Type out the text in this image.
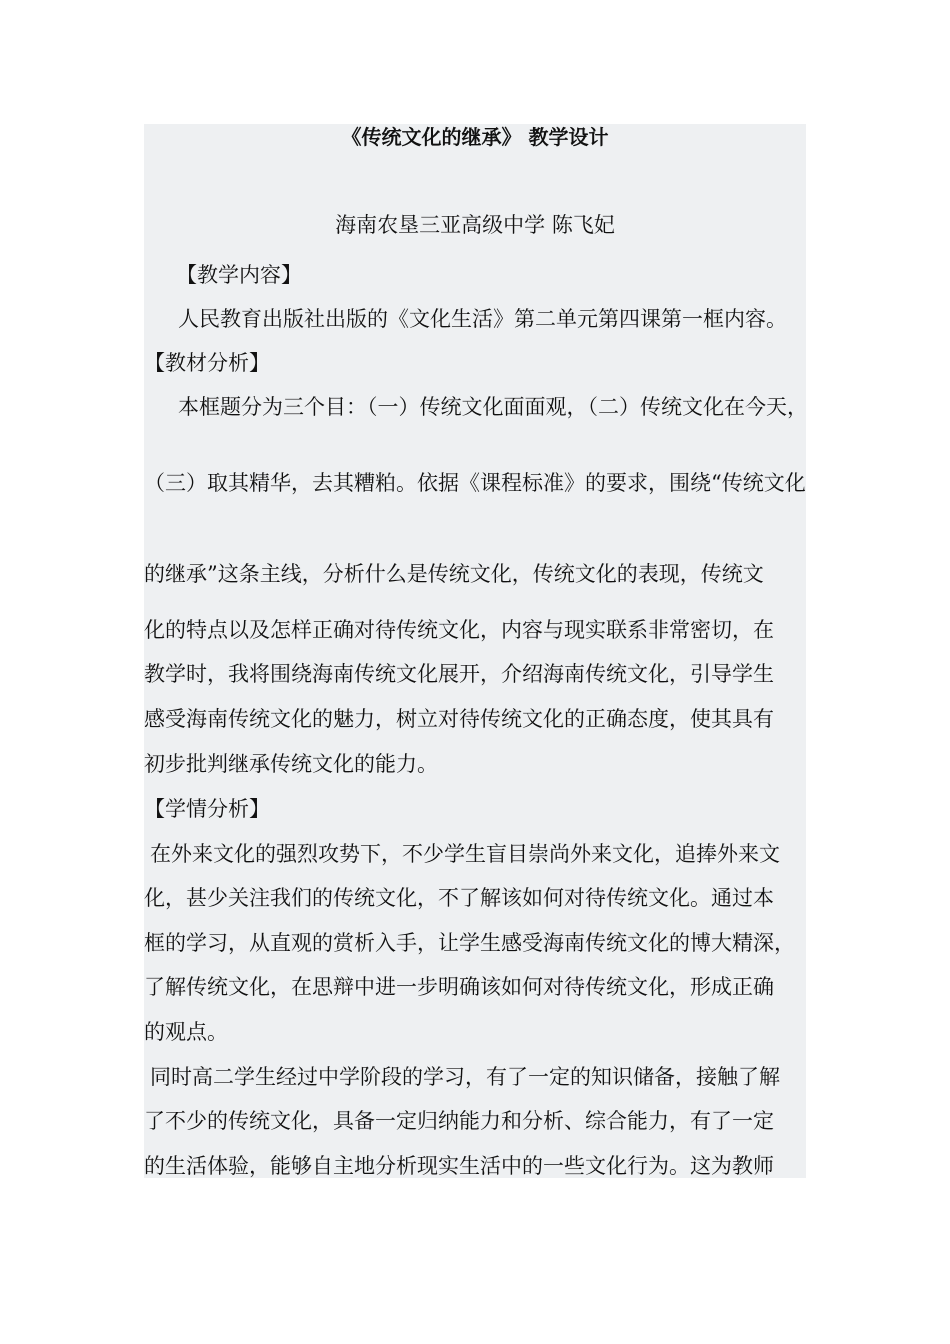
《传统文化的继承》 教学设计
海南农垦三亚高级中学 陈飞妃
【教学内容】
人民教育出版社出版的《文化生活》第二单元第四课第一框内容。
【教材分析】
本框题分为三个目：（一）传统文化面面观，（二）传统文化在今天，
（三）取其精华，去其糟粕。依据《课程标准》的要求，围绕“传统文化
的继承”这条主线，分析什么是传统文化，传统文化的表现，传统文
化的特点以及怎样正确对待传统文化，内容与现实联系非常密切，在
教学时，我将围绕海南传统文化展开，介绍海南传统文化，引导学生
感受海南传统文化的魅力，树立对待传统文化的正确态度，使其具有
初步批判继承传统文化的能力。
【学情分析】
在外来文化的强烈攻势下，不少学生盲目崇尚外来文化，追捧外来文
化，甚少关注我们的传统文化，不了解该如何对待传统文化。通过本
框的学习，从直观的赏析入手，让学生感受海南传统文化的博大精深，
了解传统文化，在思辩中进一步明确该如何对待传统文化，形成正确
的观点。
同时高二学生经过中学阶段的学习，有了一定的知识储备，接触了解
了不少的传统文化，具备一定归纳能力和分析、综合能力，有了一定
的生活体验，能够自主地分析现实生活中的一些文化行为。这为教师
